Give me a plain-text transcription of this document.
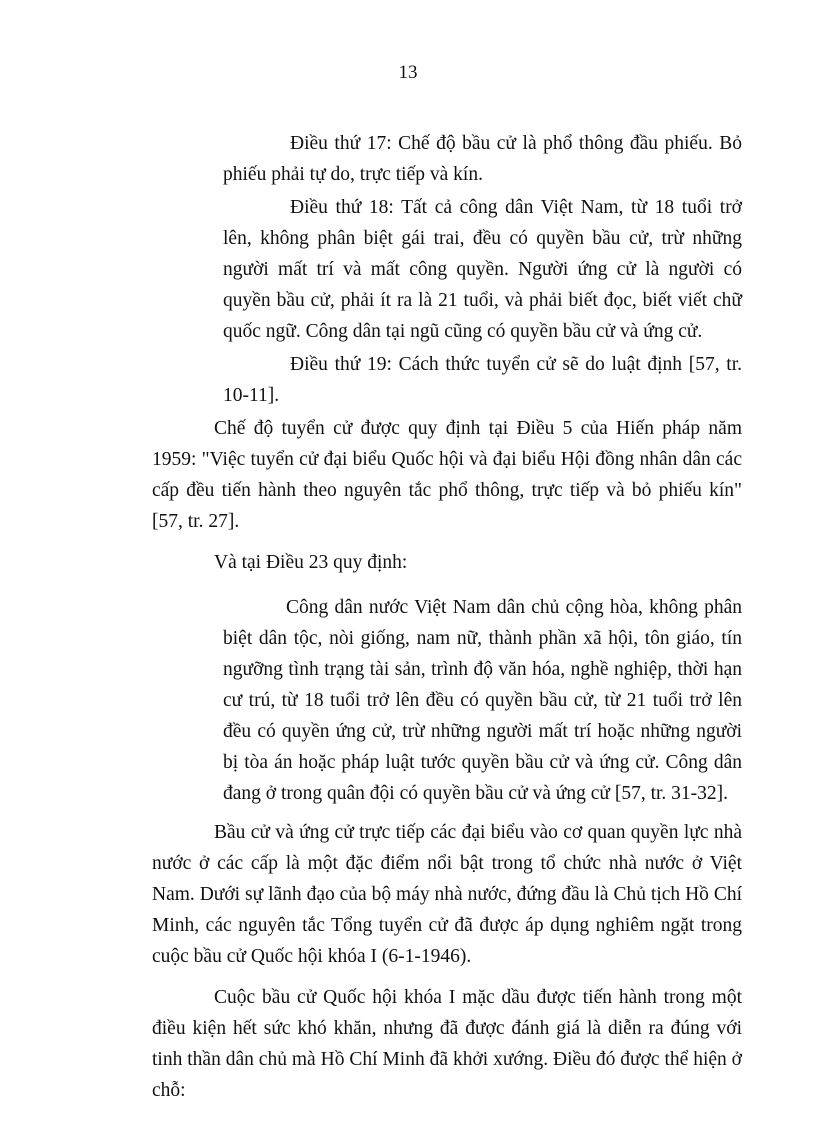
13

Điều thứ 17: Chế độ bầu cử là phổ thông đầu phiếu. Bỏ phiếu phải tự do, trực tiếp và kín.

Điều thứ 18: Tất cả công dân Việt Nam, từ 18 tuổi trở lên, không phân biệt gái trai, đều có quyền bầu cử, trừ những người mất trí và mất công quyền. Người ứng cử là người có quyền bầu cử, phải ít ra là 21 tuổi, và phải biết đọc, biết viết chữ quốc ngữ. Công dân tại ngũ cũng có quyền bầu cử và ứng cử.

Điều thứ 19: Cách thức tuyển cử sẽ do luật định [57, tr. 10-11].

Chế độ tuyển cử được quy định tại Điều 5 của Hiến pháp năm 1959: "Việc tuyển cử đại biểu Quốc hội và đại biểu Hội đồng nhân dân các cấp đều tiến hành theo nguyên tắc phổ thông, trực tiếp và bỏ phiếu kín" [57, tr. 27].

Và tại Điều 23 quy định:

Công dân nước Việt Nam dân chủ cộng hòa, không phân biệt dân tộc, nòi giống, nam nữ, thành phần xã hội, tôn giáo, tín ngưỡng tình trạng tài sản, trình độ văn hóa, nghề nghiệp, thời hạn cư trú, từ 18 tuổi trở lên đều có quyền bầu cử, từ 21 tuổi trở lên đều có quyền ứng cử, trừ những người mất trí hoặc những người bị tòa án hoặc pháp luật tước quyền bầu cử và ứng cử. Công dân đang ở trong quân đội có quyền bầu cử và ứng cử [57, tr. 31-32].

Bầu cử và ứng cử trực tiếp các đại biểu vào cơ quan quyền lực nhà nước ở các cấp là một đặc điểm nổi bật trong tổ chức nhà nước ở Việt Nam. Dưới sự lãnh đạo của bộ máy nhà nước, đứng đầu là Chủ tịch Hồ Chí Minh, các nguyên tắc Tổng tuyển cử đã được áp dụng nghiêm ngặt trong cuộc bầu cử Quốc hội khóa I (6-1-1946).

Cuộc bầu cử Quốc hội khóa I mặc dầu được tiến hành trong một điều kiện hết sức khó khăn, nhưng đã được đánh giá là diễn ra đúng với tinh thần dân chủ mà Hồ Chí Minh đã khởi xướng. Điều đó được thể hiện ở chỗ:
